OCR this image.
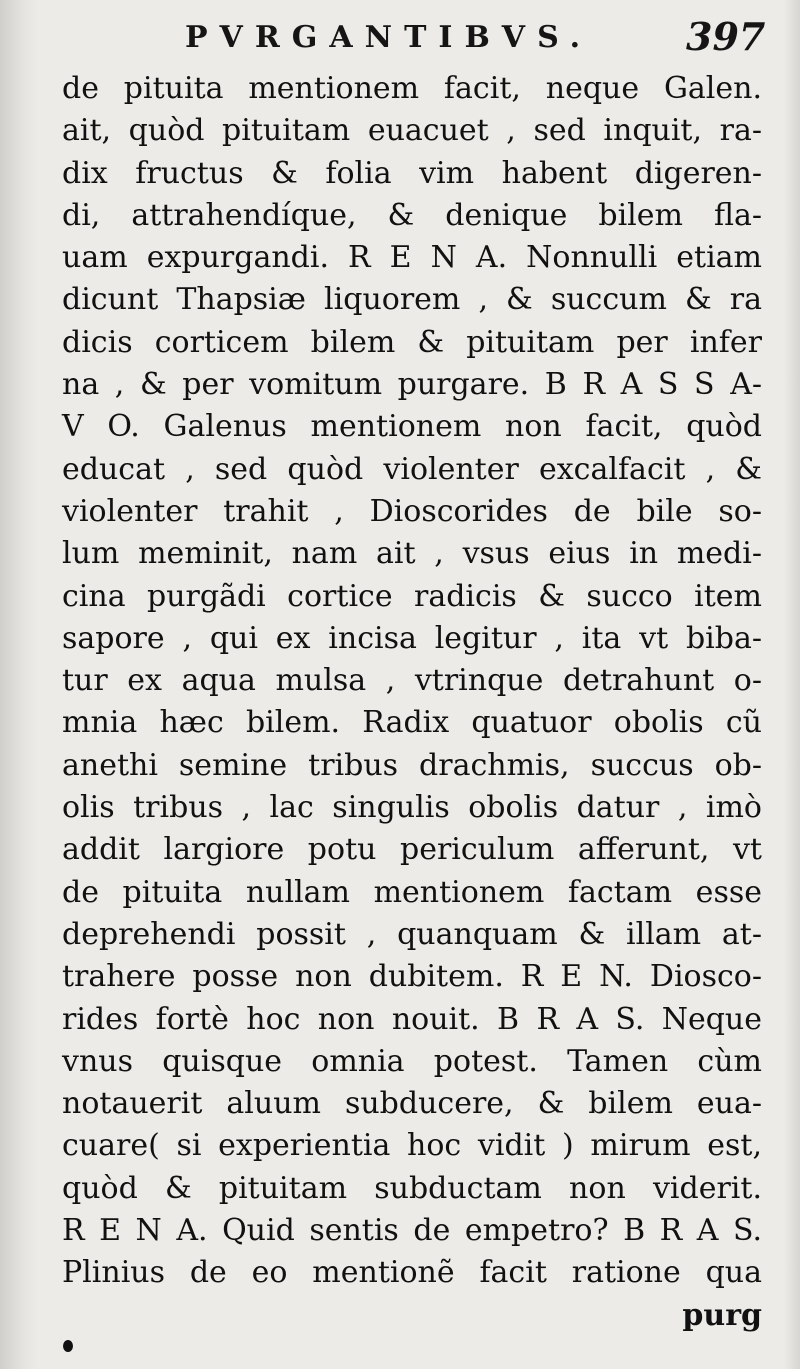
PVRGANTIBVS. 397
de pituita mentionem facit, neque Galen.
ait, quòd pituitam euacuet , sed inquit, ra-
dix fructus & folia vim habent digeren-
di, attrahendíque, & denique bilem fla-
uam expurgandi. R E N A. Nonnulli etiam
dicunt Thapsiæ liquorem , & succum & ra
dicis corticem bilem & pituitam per infer
na , & per vomitum purgare. B R A S S A-
V O. Galenus mentionem non facit, quòd
educat , sed quòd violenter excalfacit , &
violenter trahit , Dioscorides de bile so-
lum meminit, nam ait , vsus eius in medi-
cina purgãdi cortice radicis & succo item
sapore , qui ex incisa legitur , ita vt biba-
tur ex aqua mulsa , vtrinque detrahunt o-
mnia hæc bilem. Radix quatuor obolis cũ
anethi semine tribus drachmis, succus ob-
olis tribus , lac singulis obolis datur , imò
addit largiore potu periculum afferunt, vt
de pituita nullam mentionem factam esse
deprehendi possit , quanquam & illam at-
trahere posse non dubitem. R E N. Diosco-
rides fortè hoc non nouit. B R A S. Neque
vnus quisque omnia potest. Tamen cùm
notauerit aluum subducere, & bilem eua-
cuare( si experientia hoc vidit ) mirum est,
quòd & pituitam subductam non viderit.
R E N A. Quid sentis de empetro? B R A S.
Plinius de eo mentionẽ facit ratione qua
purg
